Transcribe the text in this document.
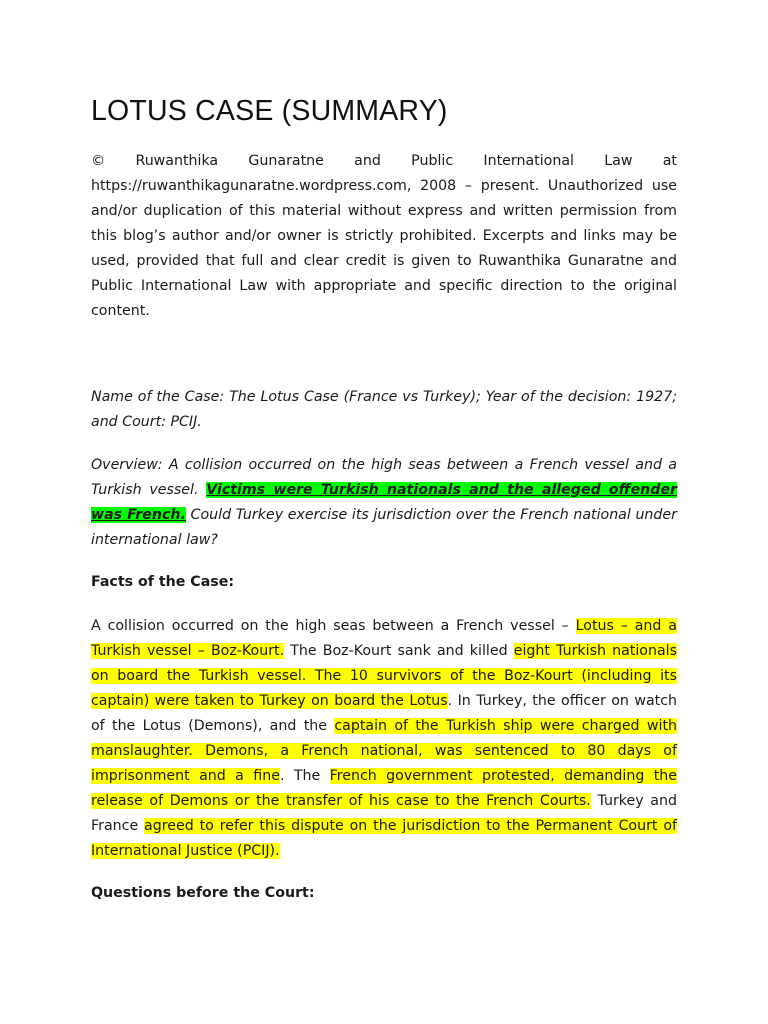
LOTUS CASE (SUMMARY)

© Ruwanthika Gunaratne and Public International Law at https://ruwanthikagunaratne.wordpress.com, 2008 – present. Unauthorized use and/or duplication of this material without express and written permission from this blog’s author and/or owner is strictly prohibited. Excerpts and links may be used, provided that full and clear credit is given to Ruwanthika Gunaratne and Public International Law with appropriate and specific direction to the original content.

Name of the Case: The Lotus Case (France vs Turkey); Year of the decision: 1927; and Court: PCIJ.

Overview: A collision occurred on the high seas between a French vessel and a Turkish vessel. Victims were Turkish nationals and the alleged offender was French. Could Turkey exercise its jurisdiction over the French national under international law?

Facts of the Case:

A collision occurred on the high seas between a French vessel – Lotus – and a Turkish vessel – Boz-Kourt. The Boz-Kourt sank and killed eight Turkish nationals on board the Turkish vessel. The 10 survivors of the Boz-Kourt (including its captain) were taken to Turkey on board the Lotus. In Turkey, the officer on watch of the Lotus (Demons), and the captain of the Turkish ship were charged with manslaughter. Demons, a French national, was sentenced to 80 days of imprisonment and a fine. The French government protested, demanding the release of Demons or the transfer of his case to the French Courts. Turkey and France agreed to refer this dispute on the jurisdiction to the Permanent Court of International Justice (PCIJ).

Questions before the Court:
